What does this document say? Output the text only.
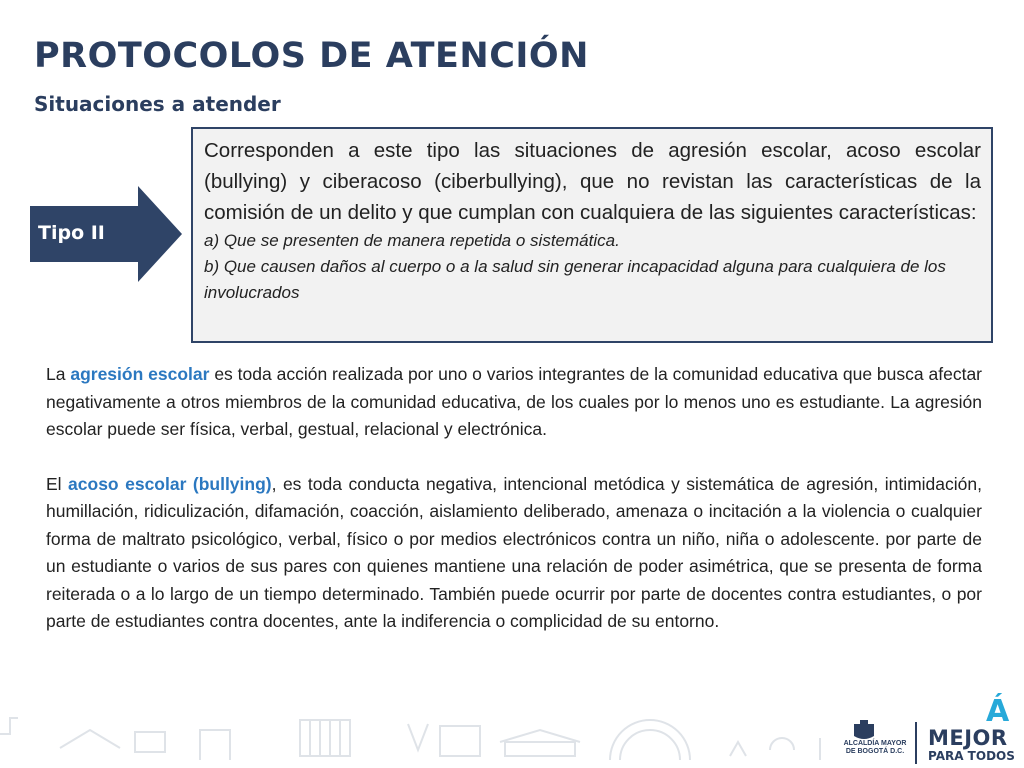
PROTOCOLOS DE ATENCIÓN
Situaciones a atender
Tipo II

Corresponden a este tipo las situaciones de agresión escolar, acoso escolar (bullying) y ciberacoso (ciberbullying), que no revistan las características de la comisión de un delito y que cumplan con cualquiera de las siguientes características:

a) Que se presenten de manera repetida o sistemática.

b) Que causen daños al cuerpo o a la salud sin generar incapacidad alguna para cualquiera de los involucrados

La agresión escolar es toda acción realizada por uno o varios integrantes de la comunidad educativa que busca afectar negativamente a otros miembros de la comunidad educativa, de los cuales por lo menos uno es estudiante. La agresión escolar puede ser física, verbal, gestual, relacional y electrónica.

El acoso escolar (bullying), es toda conducta negativa, intencional metódica y sistemática de agresión, intimidación, humillación, ridiculización, difamación, coacción, aislamiento deliberado, amenaza o incitación a la violencia o cualquier forma de maltrato psicológico, verbal, físico o por medios electrónicos contra un niño, niña o adolescente. por parte de un estudiante o varios de sus pares con quienes mantiene una relación de poder asimétrica, que se presenta de forma reiterada o a lo largo de un tiempo determinado. También puede ocurrir por parte de docentes contra estudiantes, o por parte de estudiantes contra docentes, ante la indiferencia o complicidad de su entorno.

ALCALDÍA MAYOR
DE BOGOTÁ D.C.
Á
MEJOR
PARA TODOS
